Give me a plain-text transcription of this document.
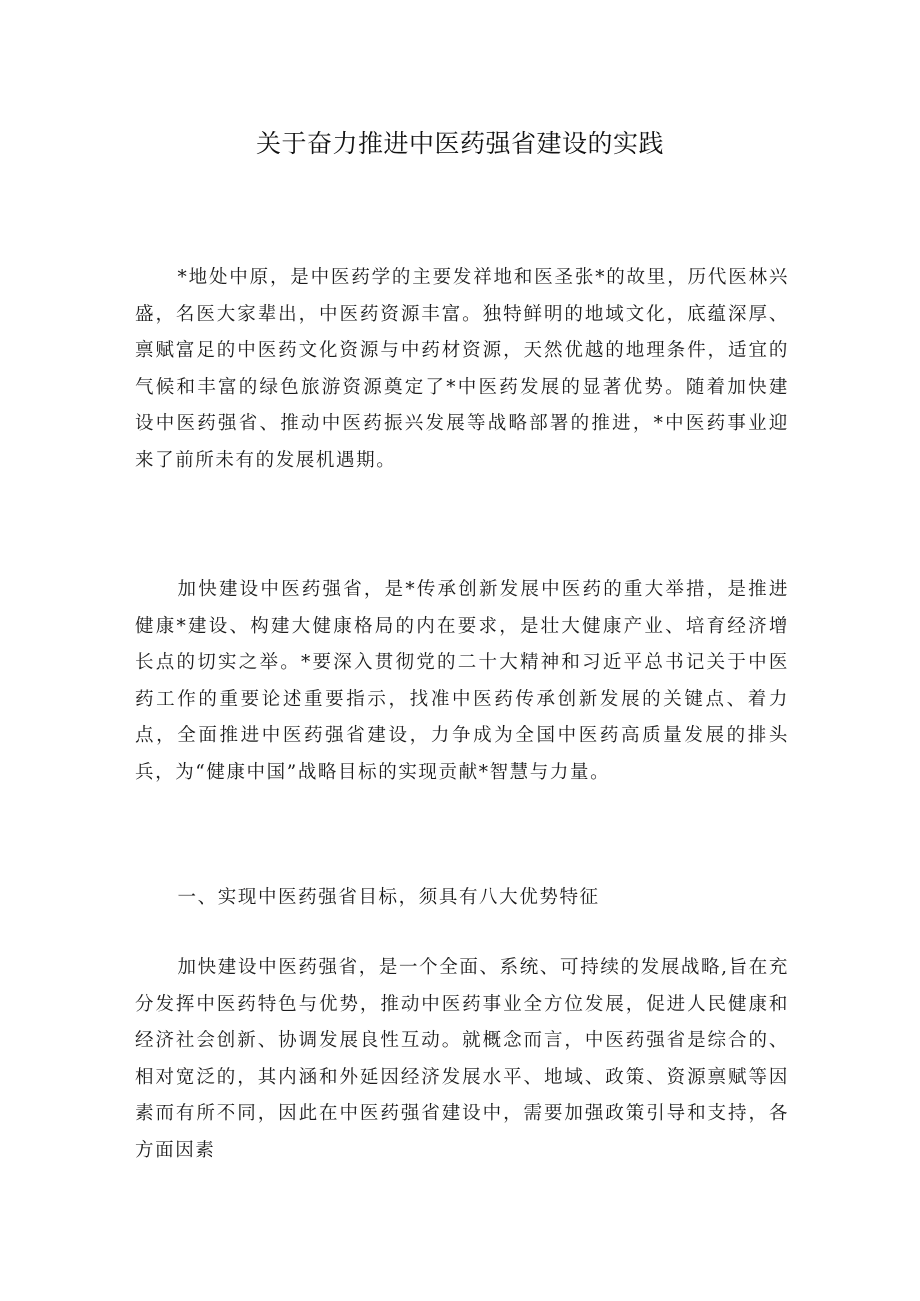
关于奋力推进中医药强省建设的实践

*地处中原，是中医药学的主要发祥地和医圣张*的故里，历代医林兴盛，名医大家辈出，中医药资源丰富。独特鲜明的地域文化，底蕴深厚、禀赋富足的中医药文化资源与中药材资源，天然优越的地理条件，适宜的气候和丰富的绿色旅游资源奠定了*中医药发展的显著优势。随着加快建设中医药强省、推动中医药振兴发展等战略部署的推进，*中医药事业迎来了前所未有的发展机遇期。

加快建设中医药强省，是*传承创新发展中医药的重大举措，是推进健康*建设、构建大健康格局的内在要求，是壮大健康产业、培育经济增长点的切实之举。*要深入贯彻党的二十大精神和习近平总书记关于中医药工作的重要论述重要指示，找准中医药传承创新发展的关键点、着力点，全面推进中医药强省建设，力争成为全国中医药高质量发展的排头兵，为“健康中国”战略目标的实现贡献*智慧与力量。

一、实现中医药强省目标，须具有八大优势特征

加快建设中医药强省，是一个全面、系统、可持续的发展战略,旨在充分发挥中医药特色与优势，推动中医药事业全方位发展，促进人民健康和经济社会创新、协调发展良性互动。就概念而言，中医药强省是综合的、相对宽泛的，其内涵和外延因经济发展水平、地域、政策、资源禀赋等因素而有所不同，因此在中医药强省建设中，需要加强政策引导和支持，各方面因素
